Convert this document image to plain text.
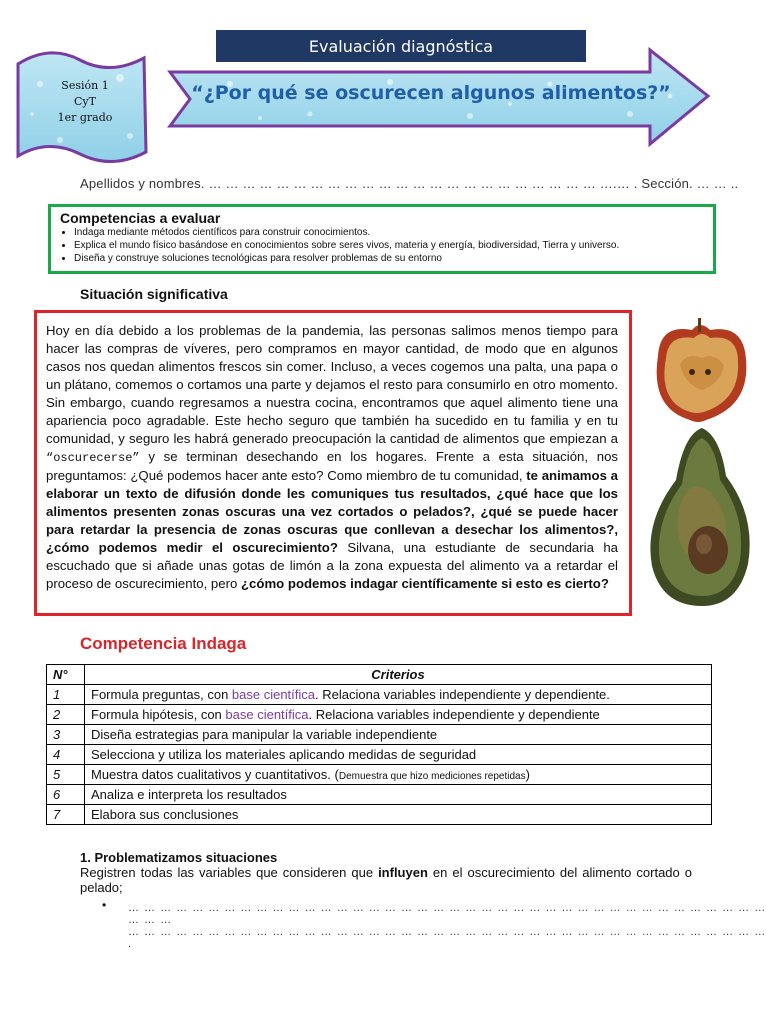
Evaluación diagnóstica
Sesión 1
CyT
1er grado
“¿Por qué se oscurecen algunos alimentos?”
Apellidos y nombres. … … … … … … … … … … … … … … … … … … … … … … … ….… . Sección. … … ..
Competencias a evaluar
• Indaga mediante métodos científicos para construir conocimientos.
• Explica el mundo físico basándose en conocimientos sobre seres vivos, materia y energía, biodiversidad, Tierra y universo.
• Diseña y construye soluciones tecnológicas para resolver problemas de su entorno
Situación significativa

Hoy en día debido a los problemas de la pandemia, las personas salimos menos tiempo para hacer las compras de víveres, pero compramos en mayor cantidad, de modo que en algunos casos nos quedan alimentos frescos sin comer. Incluso, a veces cogemos una palta, una papa o un plátano, comemos o cortamos una parte y dejamos el resto para consumirlo en otro momento. Sin embargo, cuando regresamos a nuestra cocina, encontramos que aquel alimento tiene una apariencia poco agradable. Este hecho seguro que también ha sucedido en tu familia y en tu comunidad, y seguro les habrá generado preocupación la cantidad de alimentos que empiezan a “oscurecerse” y se terminan desechando en los hogares. Frente a esta situación, nos preguntamos: ¿Qué podemos hacer ante esto? Como miembro de tu comunidad, te animamos a elaborar un texto de difusión donde les comuniques tus resultados, ¿qué hace que los alimentos presenten zonas oscuras una vez cortados o pelados?, ¿qué se puede hacer para retardar la presencia de zonas oscuras que conllevan a desechar los alimentos?, ¿cómo podemos medir el oscurecimiento? Silvana, una estudiante de secundaria ha escuchado que si añade unas gotas de limón a la zona expuesta del alimento va a retardar el proceso de oscurecimiento, pero ¿cómo podemos indagar científicamente si esto es cierto?

Competencia Indaga
N°	Criterios
1	Formula preguntas, con base científica. Relaciona variables independiente y dependiente.
2	Formula hipótesis, con base científica. Relaciona variables independiente y dependiente
3	Diseña estrategias para manipular la variable independiente
4	Selecciona y utiliza los materiales aplicando medidas de seguridad
5	Muestra datos cualitativos y cuantitativos. (Demuestra que hizo mediciones repetidas)
6	Analiza e interpreta los resultados
7	Elabora sus conclusiones
1. Problematizamos situaciones

Registren todas las variables que consideren que influyen en el oscurecimiento del alimento cortado o pelado;

• … … … … … … … … … … … … … … … … … … … … … … … … … … … … … … … … … … … … … … … … … … …
… … … … … … … … … … … … … … … … … … … … … … … … … … … … … … … … … … … … … … … … .
